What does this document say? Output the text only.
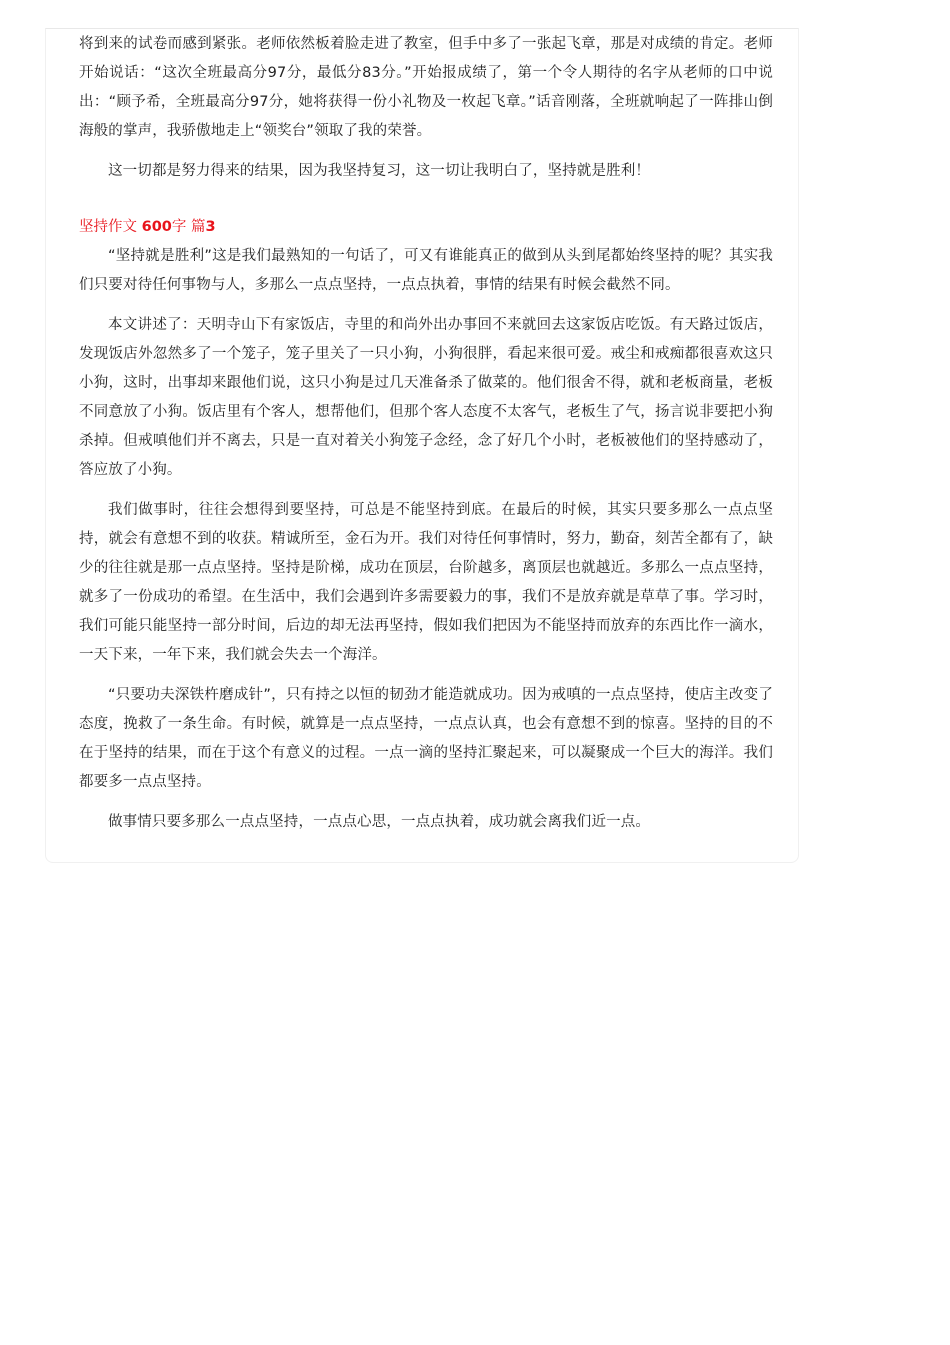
将到来的试卷而感到紧张。老师依然板着脸走进了教室，但手中多了一张起飞章，那是对成绩的肯定。老师开始说话：“这次全班最高分97分，最低分83分。”开始报成绩了，第一个令人期待的名字从老师的口中说出：“顾予希，全班最高分97分，她将获得一份小礼物及一枚起飞章。”话音刚落，全班就响起了一阵排山倒海般的掌声，我骄傲地走上“领奖台”领取了我的荣誉。

这一切都是努力得来的结果，因为我坚持复习，这一切让我明白了，坚持就是胜利！

坚持作文 600字 篇3

“坚持就是胜利”这是我们最熟知的一句话了，可又有谁能真正的做到从头到尾都始终坚持的呢？其实我们只要对待任何事物与人，多那么一点点坚持，一点点执着，事情的结果有时候会截然不同。

本文讲述了：天明寺山下有家饭店，寺里的和尚外出办事回不来就回去这家饭店吃饭。有天路过饭店，发现饭店外忽然多了一个笼子，笼子里关了一只小狗，小狗很胖，看起来很可爱。戒尘和戒痴都很喜欢这只小狗，这时，出事却来跟他们说，这只小狗是过几天准备杀了做菜的。他们很舍不得，就和老板商量，老板不同意放了小狗。饭店里有个客人，想帮他们，但那个客人态度不太客气，老板生了气，扬言说非要把小狗杀掉。但戒嗔他们并不离去，只是一直对着关小狗笼子念经，念了好几个小时，老板被他们的坚持感动了，答应放了小狗。

我们做事时，往往会想得到要坚持，可总是不能坚持到底。在最后的时候，其实只要多那么一点点坚持，就会有意想不到的收获。精诚所至，金石为开。我们对待任何事情时，努力，勤奋，刻苦全都有了，缺少的往往就是那一点点坚持。坚持是阶梯，成功在顶层，台阶越多，离顶层也就越近。多那么一点点坚持，就多了一份成功的希望。在生活中，我们会遇到许多需要毅力的事，我们不是放弃就是草草了事。学习时，我们可能只能坚持一部分时间，后边的却无法再坚持，假如我们把因为不能坚持而放弃的东西比作一滴水，一天下来，一年下来，我们就会失去一个海洋。

“只要功夫深铁杵磨成针”，只有持之以恒的韧劲才能造就成功。因为戒嗔的一点点坚持，使店主改变了态度，挽救了一条生命。有时候，就算是一点点坚持，一点点认真，也会有意想不到的惊喜。坚持的目的不在于坚持的结果，而在于这个有意义的过程。一点一滴的坚持汇聚起来，可以凝聚成一个巨大的海洋。我们都要多一点点坚持。

做事情只要多那么一点点坚持，一点点心思，一点点执着，成功就会离我们近一点。
